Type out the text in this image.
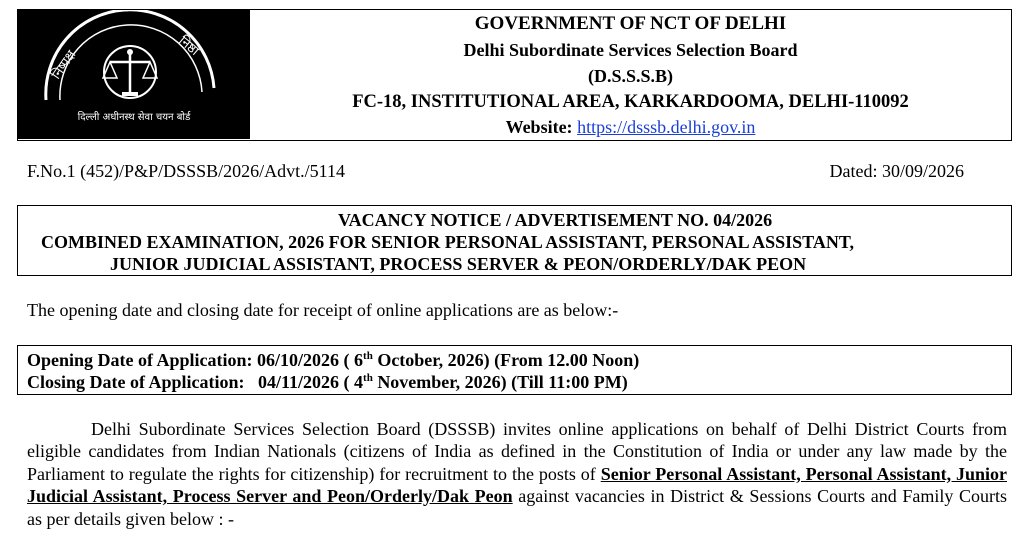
निष्पक्ष
निष्ठा
दिल्ली अधीनस्थ सेवा चयन बोर्ड
GOVERNMENT OF NCT OF DELHI
Delhi Subordinate Services Selection Board
(D.S.S.S.B)
FC-18, INSTITUTIONAL AREA, KARKARDOOMA, DELHI-110092
Website: https://dsssb.delhi.gov.in
F.No.1 (452)/P&P/DSSSB/2026/Advt./5114	Dated: 30/09/2026
VACANCY NOTICE / ADVERTISEMENT NO. 04/2026
COMBINED EXAMINATION, 2026 FOR SENIOR PERSONAL ASSISTANT, PERSONAL ASSISTANT,
JUNIOR JUDICIAL ASSISTANT, PROCESS SERVER & PEON/ORDERLY/DAK PEON
The opening date and closing date for receipt of online applications are as below:-
Opening Date of Application: 06/10/2026 ( 6th October, 2026) (From 12.00 Noon)
Closing Date of Application: 04/11/2026 ( 4th November, 2026) (Till 11:00 PM)
Delhi Subordinate Services Selection Board (DSSSB) invites online applications on behalf of Delhi District Courts from eligible candidates from Indian Nationals (citizens of India as defined in the Constitution of India or under any law made by the Parliament to regulate the rights for citizenship) for recruitment to the posts of Senior Personal Assistant, Personal Assistant, Junior Judicial Assistant, Process Server and Peon/Orderly/Dak Peon against vacancies in District & Sessions Courts and Family Courts as per details given below : -
